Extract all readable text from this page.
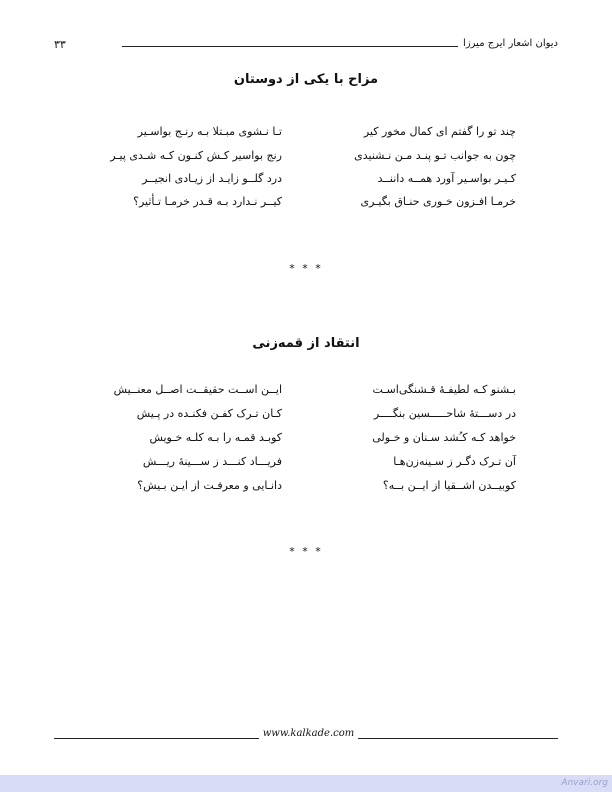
۳۳	دیوان اشعار ایرج میرزا
مزاح با یکی از دوستان
چند تو را گفتم ای کمال مخور کیر
تـا نـشوی مبـتلا بـه رنـج بواسـیر
چون به جوانب تـو پنـد مـن نـشنیدی
رنج بواسیر کـش کنـون کـه شـدی پیـر
کـیـر بواسـیر آورد همــه داننــد
درد گلــو زایـد از زیـادی انجیــر
خرمـا افـزون خـوری حنـاق بگیـری
کیــر نـدارد بـه قـدر خرمـا تـأثیر؟
* * *
انتقاد از قمه‌زنی
بـشنو کـه لطیفـهٔ قـشنگی‌اسـت
ایــن اســت حقیقــت اصــل معنــیش
در دســـتهٔ شاحـــــسین بنگــــر
کـان تـرک کفـن فکنـده در پـیش
خواهد کـه کـُشد سـنان و خـولی
کوبـد قمـه را بـه کلـه خـویش
آن تـرک دگـر ز سـینه‌زن‌هـا
فریـــاد کنـــد ز ســـینهٔ ریـــش
کوبیــدن اشــقیا از ایــن بــه؟
دانـایی و معرفـت از ایـن بـیش؟
* * *
www.kalkade.com
Anvari.org
